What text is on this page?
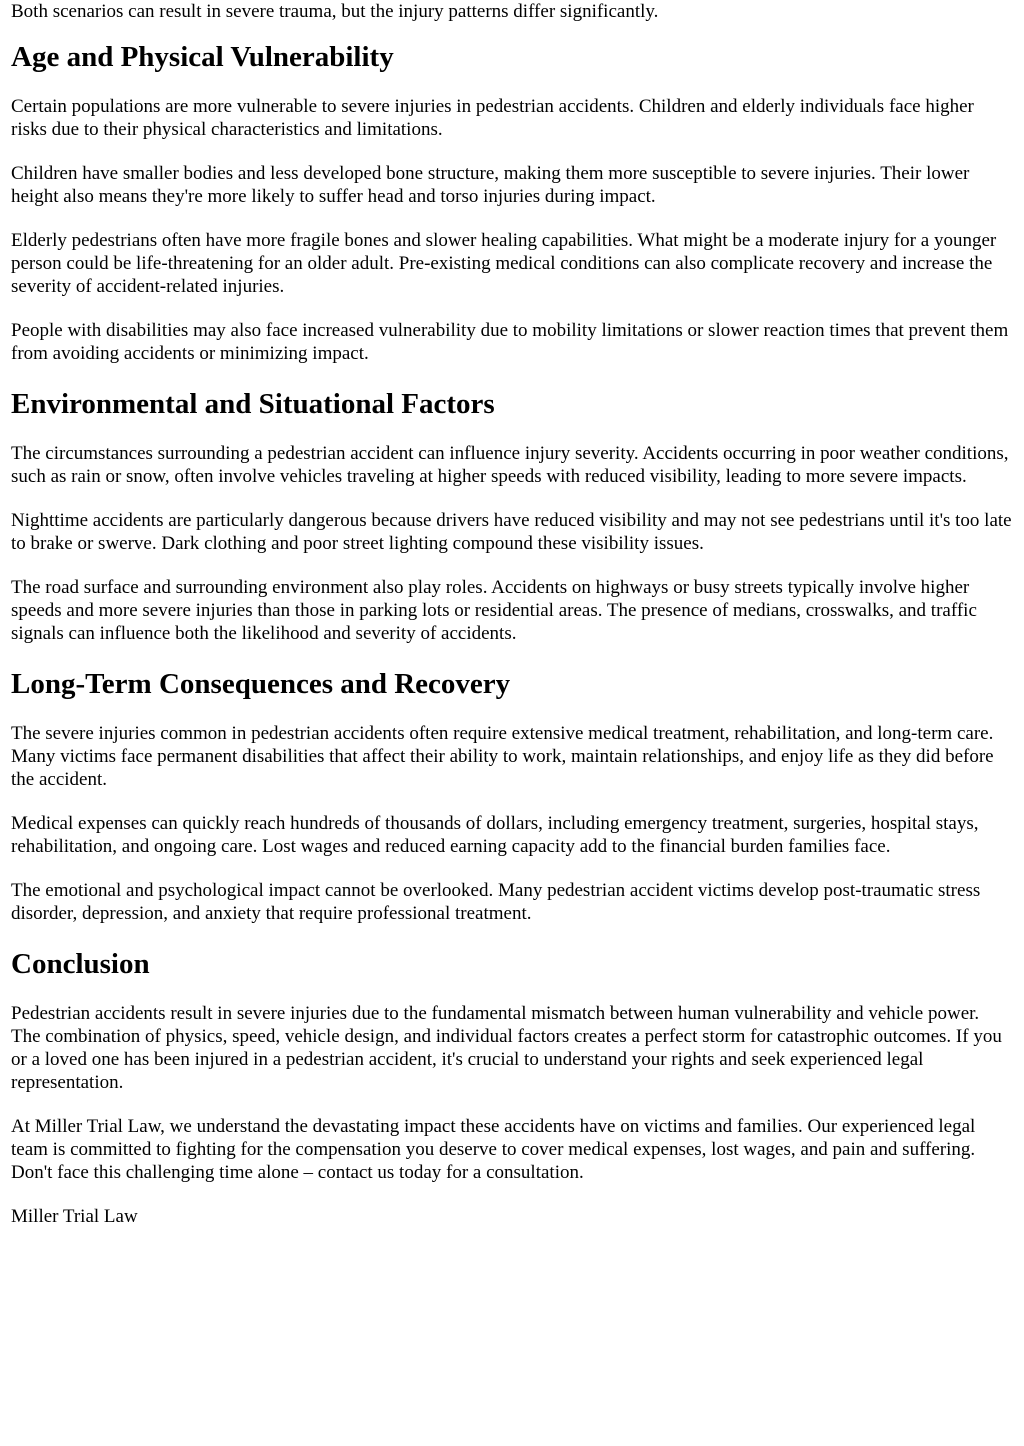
Both scenarios can result in severe trauma, but the injury patterns differ significantly.

Age and Physical Vulnerability

Certain populations are more vulnerable to severe injuries in pedestrian accidents. Children and elderly individuals face higher risks due to their physical characteristics and limitations.

Children have smaller bodies and less developed bone structure, making them more susceptible to severe injuries. Their lower height also means they're more likely to suffer head and torso injuries during impact.

Elderly pedestrians often have more fragile bones and slower healing capabilities. What might be a moderate injury for a younger person could be life-threatening for an older adult. Pre-existing medical conditions can also complicate recovery and increase the severity of accident-related injuries.

People with disabilities may also face increased vulnerability due to mobility limitations or slower reaction times that prevent them from avoiding accidents or minimizing impact.

Environmental and Situational Factors

The circumstances surrounding a pedestrian accident can influence injury severity. Accidents occurring in poor weather conditions, such as rain or snow, often involve vehicles traveling at higher speeds with reduced visibility, leading to more severe impacts.

Nighttime accidents are particularly dangerous because drivers have reduced visibility and may not see pedestrians until it's too late to brake or swerve. Dark clothing and poor street lighting compound these visibility issues.

The road surface and surrounding environment also play roles. Accidents on highways or busy streets typically involve higher speeds and more severe injuries than those in parking lots or residential areas. The presence of medians, crosswalks, and traffic signals can influence both the likelihood and severity of accidents.

Long-Term Consequences and Recovery

The severe injuries common in pedestrian accidents often require extensive medical treatment, rehabilitation, and long-term care. Many victims face permanent disabilities that affect their ability to work, maintain relationships, and enjoy life as they did before the accident.

Medical expenses can quickly reach hundreds of thousands of dollars, including emergency treatment, surgeries, hospital stays, rehabilitation, and ongoing care. Lost wages and reduced earning capacity add to the financial burden families face.

The emotional and psychological impact cannot be overlooked. Many pedestrian accident victims develop post-traumatic stress disorder, depression, and anxiety that require professional treatment.

Conclusion

Pedestrian accidents result in severe injuries due to the fundamental mismatch between human vulnerability and vehicle power. The combination of physics, speed, vehicle design, and individual factors creates a perfect storm for catastrophic outcomes. If you or a loved one has been injured in a pedestrian accident, it's crucial to understand your rights and seek experienced legal representation.

At Miller Trial Law, we understand the devastating impact these accidents have on victims and families. Our experienced legal team is committed to fighting for the compensation you deserve to cover medical expenses, lost wages, and pain and suffering. Don't face this challenging time alone – contact us today for a consultation.

Miller Trial Law
